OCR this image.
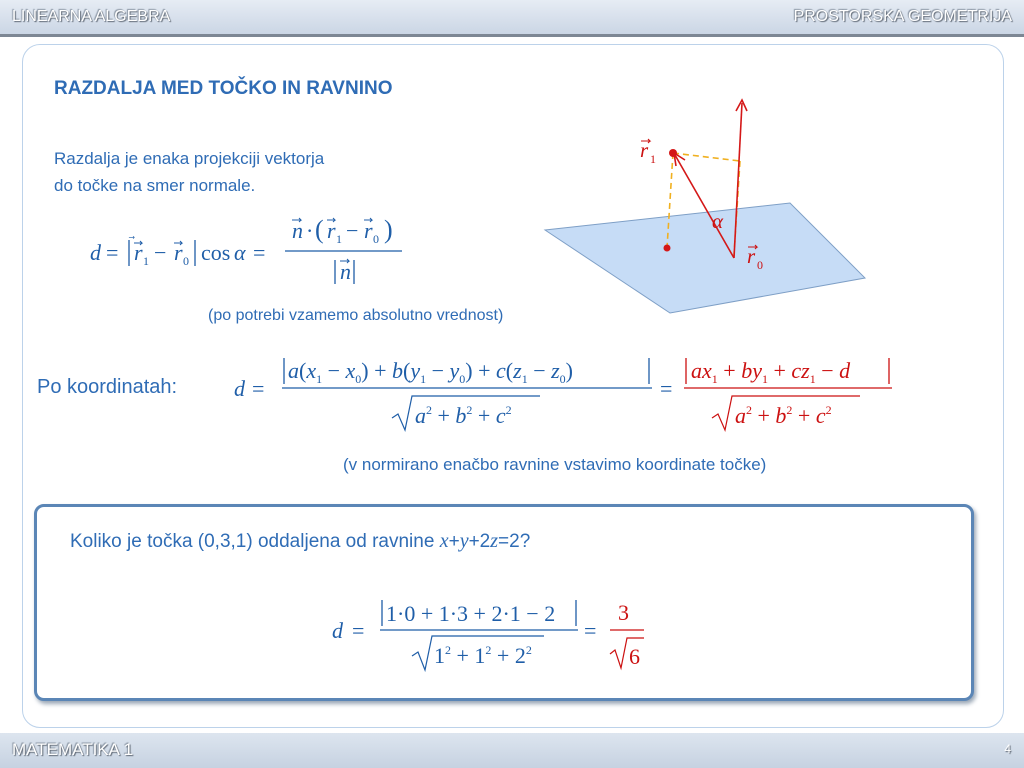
LINEARNA ALGEBRA	PROSTORSKA GEOMETRIJA
RAZDALJA MED TOČKO IN RAVNINO
Razdalja je enaka projekciji vektorja
do točke na smer normale.
d = r 1 − r 0 cos α =
n · ( r 1 − r 0 )
n
(po potrebi vzamemo absolutno vrednost)
r 1
r 0
α
Po koordinatah:	d =
$a(x_1 - x_0) + b(y_1 - y_0) + c(z_1 - z_0)$
$a^2 + b^2 + c^2$
=
$ax_1 + by_1 + cz_1 - d$
$a^2 + b^2 + c^2$
(v normirano enačbo ravnine vstavimo koordinate točke)
Koliko je točka (0,3,1) oddaljena od ravnine x+y+2z=2?
d =
1·0 + 1·3 + 2·1 − 2
$1^2 + 1^2 + 2^2$
=
3
6
MATEMATIKA 1	4
